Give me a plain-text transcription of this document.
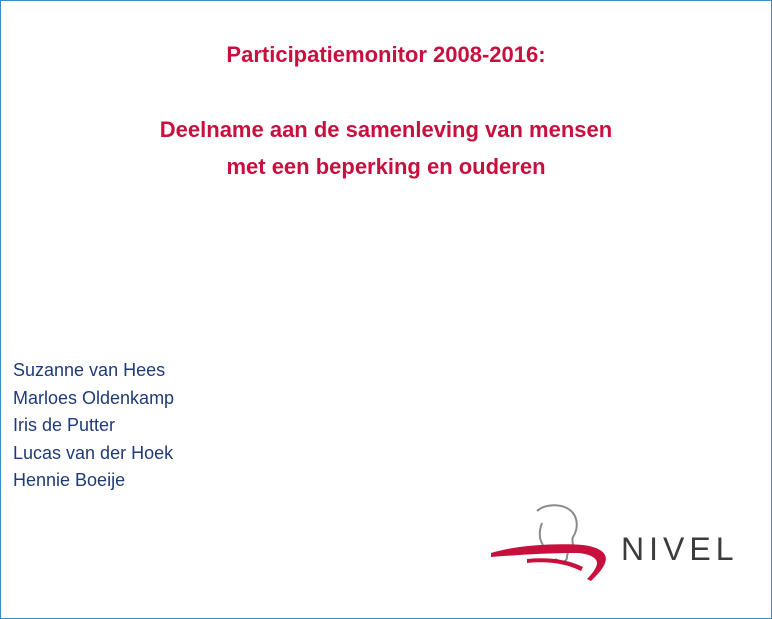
Participatiemonitor 2008-2016:
Deelname aan de samenleving van mensen
met een beperking en ouderen
Suzanne van Hees
Marloes Oldenkamp
Iris de Putter
Lucas van der Hoek
Hennie Boeije
NIVEL
